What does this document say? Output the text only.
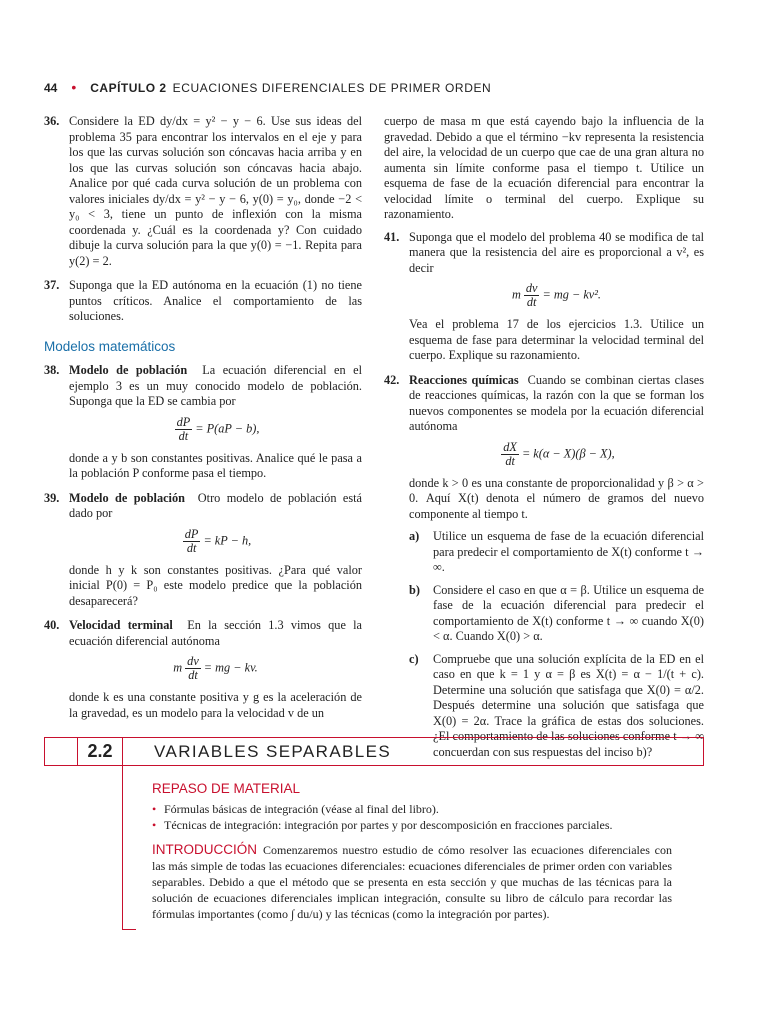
44 • CAPÍTULO 2 ECUACIONES DIFERENCIALES DE PRIMER ORDEN
36. Considere la ED dy/dx = y² − y − 6. Use sus ideas del problema 35 para encontrar los intervalos en el eje y para los que las curvas solución son cóncavas hacia arriba y en los que las curvas solución son cóncavas hacia abajo. Analice por qué cada curva solución de un problema con valores iniciales dy/dx = y² − y − 6, y(0) = y₀, donde −2 < y₀ < 3, tiene un punto de inflexión con la misma coordenada y. ¿Cuál es la coordenada y? Con cuidado dibuje la curva solución para la que y(0) = −1. Repita para y(2) = 2.
37. Suponga que la ED autónoma en la ecuación (1) no tiene puntos críticos. Analice el comportamiento de las soluciones.
Modelos matemáticos
38. Modelo de población La ecuación diferencial en el ejemplo 3 es un muy conocido modelo de población. Suponga que la ED se cambia por
$\frac{dP}{dt} = P(aP - b)$,
donde a y b son constantes positivas. Analice qué le pasa a la población P conforme pasa el tiempo.
39. Modelo de población Otro modelo de población está dado por
$\frac{dP}{dt}$ = kP − h,
donde h y k son constantes positivas. ¿Para qué valor inicial P(0) = P₀ este modelo predice que la población desaparecerá?
40. Velocidad terminal En la sección 1.3 vimos que la ecuación diferencial autónoma
m $\frac{dv}{dt}$ = mg − kv.
donde k es una constante positiva y g es la aceleración de la gravedad, es un modelo para la velocidad v de un

cuerpo de masa m que está cayendo bajo la influencia de la gravedad. Debido a que el término −kv representa la resistencia del aire, la velocidad de un cuerpo que cae de una gran altura no aumenta sin límite conforme pasa el tiempo t. Utilice un esquema de fase de la ecuación diferencial para encontrar la velocidad límite o terminal del cuerpo. Explique su razonamiento.

41. Suponga que el modelo del problema 40 se modifica de tal manera que la resistencia del aire es proporcional a v², es decir
m $\frac{dv}{dt}$ = mg − kv².
Vea el problema 17 de los ejercicios 1.3. Utilice un esquema de fase para determinar la velocidad terminal del cuerpo. Explique su razonamiento.
42. Reacciones químicas Cuando se combinan ciertas clases de reacciones químicas, la razón con la que se forman los nuevos componentes se modela por la ecuación diferencial autónoma
$\frac{dX}{dt} = k(\alpha - X)(\beta - X)$,

donde k > 0 es una constante de proporcionalidad y β > α > 0. Aquí X(t) denota el número de gramos del nuevo componente al tiempo t.

a) Utilice un esquema de fase de la ecuación diferencial para predecir el comportamiento de X(t) conforme t → ∞.
b) Considere el caso en que α = β. Utilice un esquema de fase de la ecuación diferencial para predecir el comportamiento de X(t) conforme t → ∞ cuando X(0) < α. Cuando X(0) > α.
c) Compruebe que una solución explícita de la ED en el caso en que k = 1 y α = β es X(t) = α − 1/(t + c). Determine una solución que satisfaga que X(0) = α/2. Después determine una solución que satisfaga que X(0) = 2α. Trace la gráfica de estas dos soluciones. ¿El comportamiento de las soluciones conforme t → ∞ concuerdan con sus respuestas del inciso b)?
2.2	VARIABLES SEPARABLES
REPASO DE MATERIAL
• Fórmulas básicas de integración (véase al final del libro).
• Técnicas de integración: integración por partes y por descomposición en fracciones parciales.
INTRODUCCIÓN Comenzaremos nuestro estudio de cómo resolver las ecuaciones diferenciales con las más simple de todas las ecuaciones diferenciales: ecuaciones diferenciales de primer orden con variables separables. Debido a que el método que se presenta en esta sección y que muchas de las técnicas para la solución de ecuaciones diferenciales implican integración, consulte su libro de cálculo para recordar las fórmulas importantes (como ∫ du/u) y las técnicas (como la integración por partes).
